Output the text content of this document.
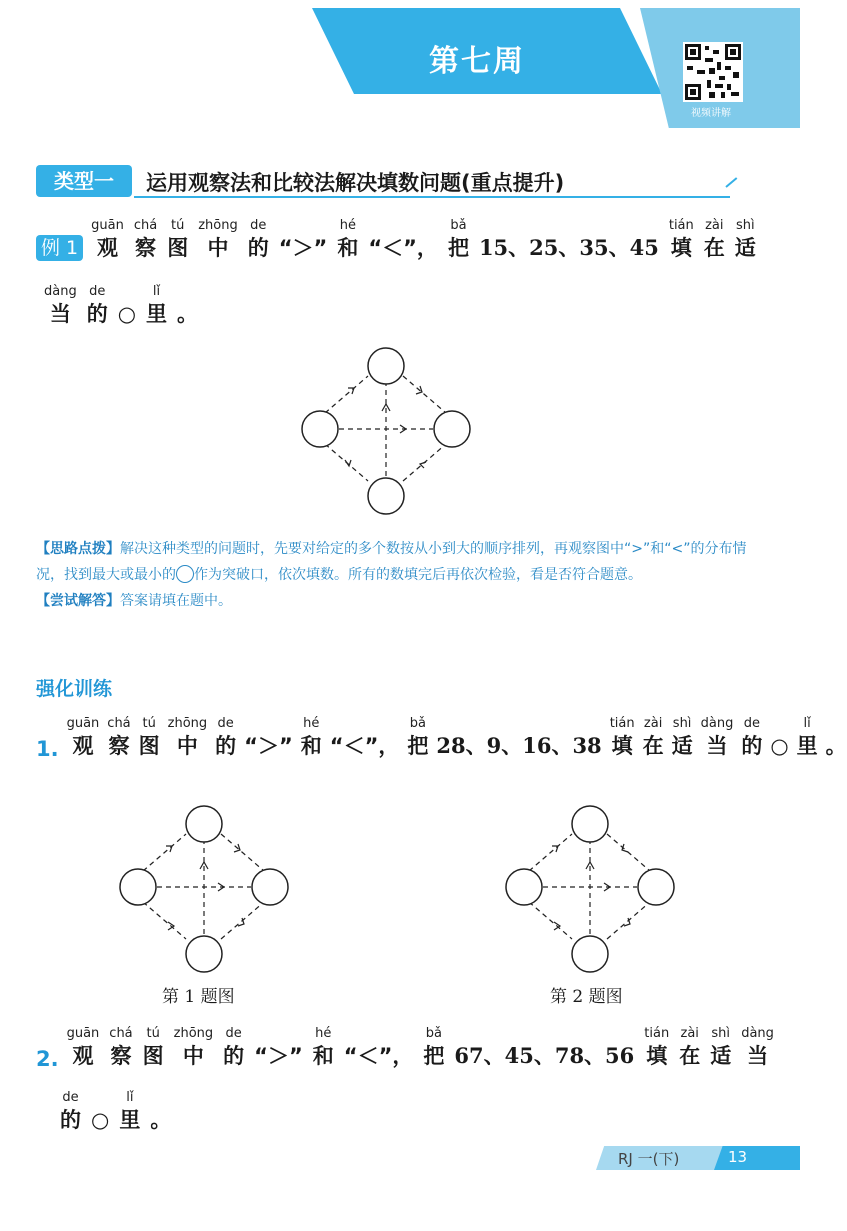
第七周
视频讲解
类型一	运用观察法和比较法解决填数问题(重点提升)
例 1
guān
观
chá
察
tú
图
zhōng
中
de
的 “＞”
hé
和 “＜”，
bǎ
把 15、25、35、45
tián
填
zài
在
shì
适
dàng
当
de
的 ○
lǐ
里 。
【思路点拨】解决这种类型的问题时，先要对给定的多个数按从小到大的顺序排列，再观察图中“>”和“<”的分布情况，找到最大或最小的 作为突破口，依次填数。所有的数填完后再依次检验，看是否符合题意。
【尝试解答】答案请填在题中。
强化训练
1.
guān
观
chá
察
tú
图
zhōng
中
de
的 “＞”
hé
和 “＜”，
bǎ
把 28、9、16、38
tián
填
zài
在
shì
适
dàng
当
de
的 ○
lǐ
里 。
第 1 题图	第 2 题图
2.
guān
观
chá
察
tú
图
zhōng
中
de
的 “＞”
hé
和 “＜”，
bǎ
把 67、45、78、56
tián
填
zài
在
shì
适
dàng
当
de
的 ○
lǐ
里 。
RJ 一(下)	13
